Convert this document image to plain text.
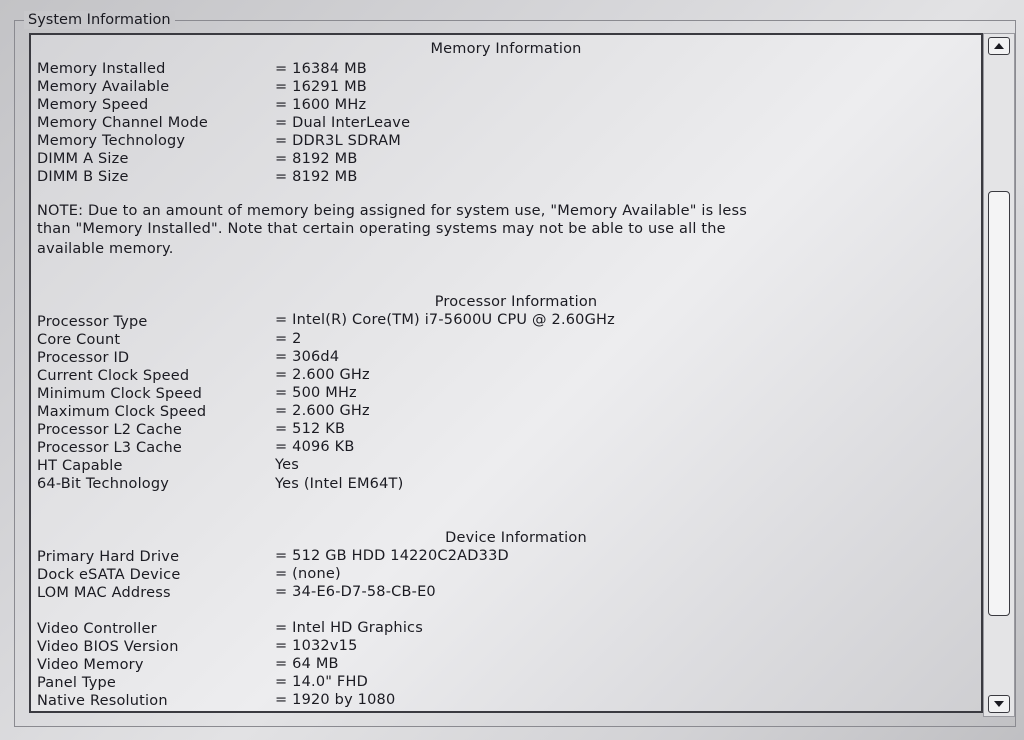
System Information
Memory Information
Memory Installed	= 16384 MB
Memory Available	= 16291 MB
Memory Speed	= 1600 MHz
Memory Channel Mode	= Dual InterLeave
Memory Technology	= DDR3L SDRAM
DIMM A Size	= 8192 MB
DIMM B Size	= 8192 MB
NOTE: Due to an amount of memory being assigned for system use, "Memory Available" is less
than "Memory Installed". Note that certain operating systems may not be able to use all the
available memory.
Processor Information
Processor Type	= Intel(R) Core(TM) i7-5600U CPU @ 2.60GHz
Core Count	= 2
Processor ID	= 306d4
Current Clock Speed	= 2.600 GHz
Minimum Clock Speed	= 500 MHz
Maximum Clock Speed	= 2.600 GHz
Processor L2 Cache	= 512 KB
Processor L3 Cache	= 4096 KB
HT Capable	Yes
64-Bit Technology	Yes (Intel EM64T)
Device Information
Primary Hard Drive	= 512 GB HDD 14220C2AD33D
Dock eSATA Device	= (none)
LOM MAC Address	= 34-E6-D7-58-CB-E0
Video Controller	= Intel HD Graphics
Video BIOS Version	= 1032v15
Video Memory	= 64 MB
Panel Type	= 14.0" FHD
Native Resolution	= 1920 by 1080
